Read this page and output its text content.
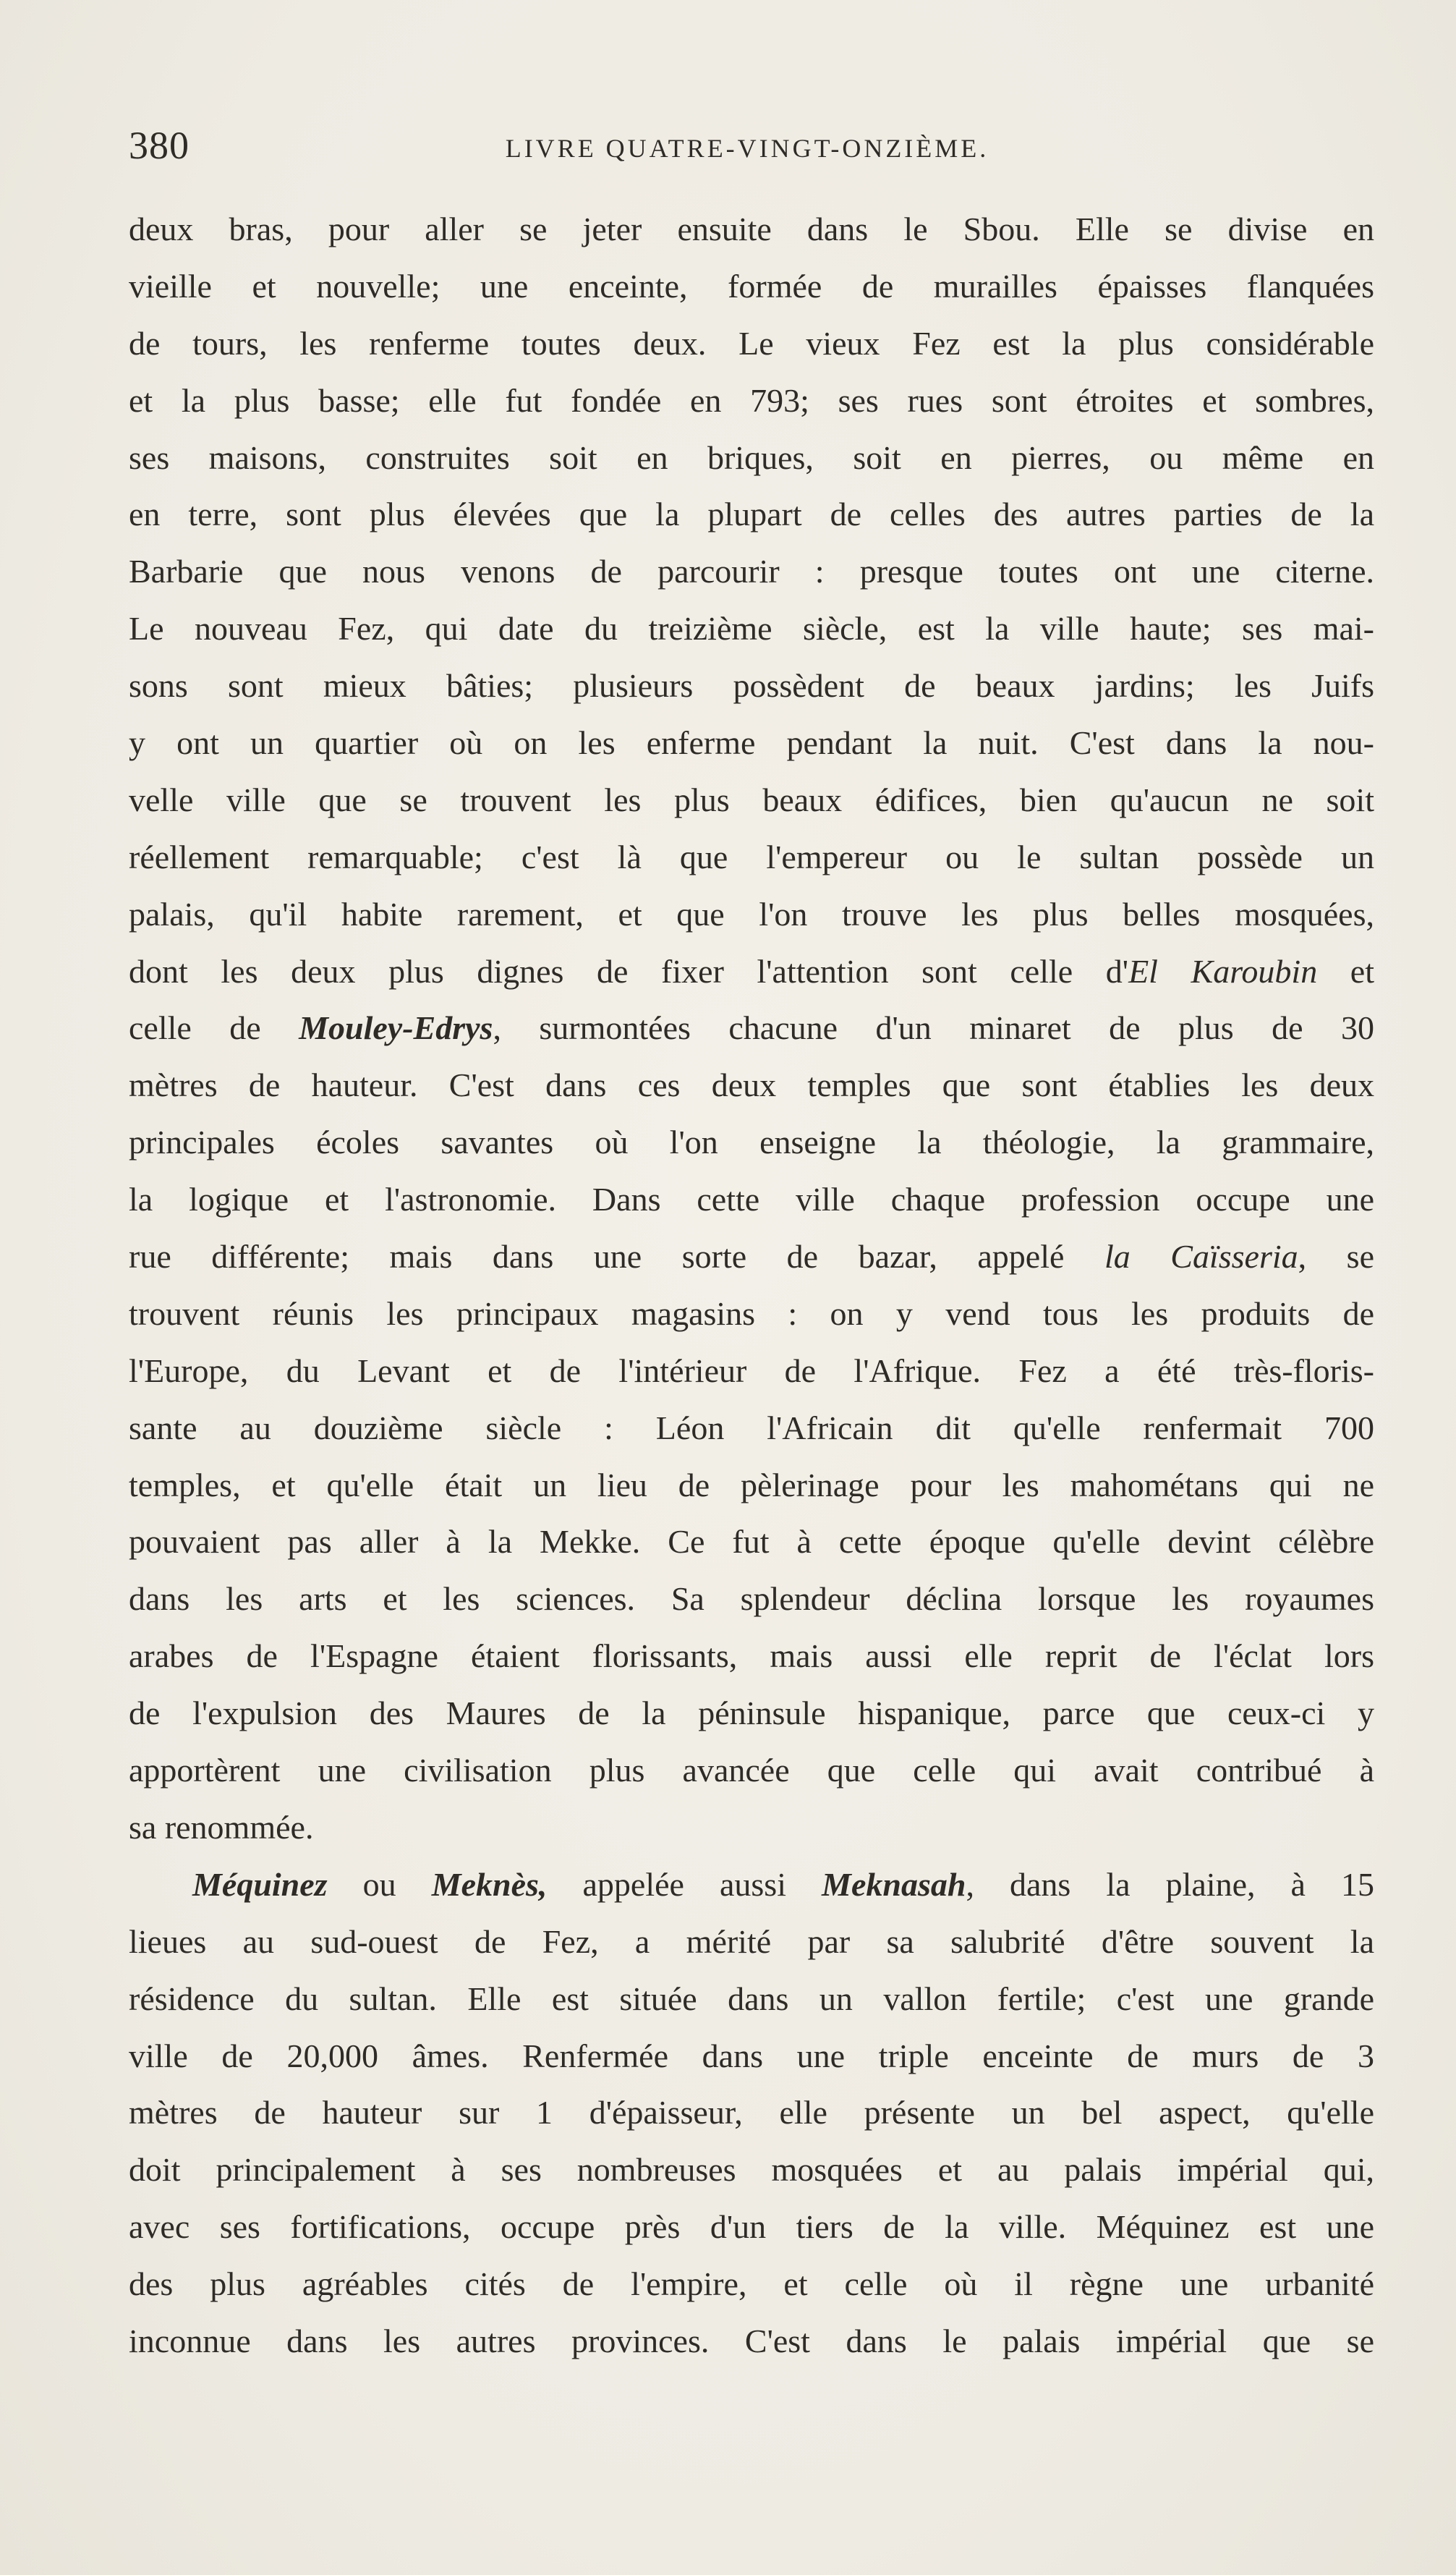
380	LIVRE QUATRE-VINGT-ONZIÈME.

deux bras, pour aller se jeter ensuite dans le Sbou. Elle se divise en
vieille et nouvelle; une enceinte, formée de murailles épaisses flanquées
de tours, les renferme toutes deux. Le vieux Fez est la plus considérable
et la plus basse; elle fut fondée en 793; ses rues sont étroites et sombres,
ses maisons, construites soit en briques, soit en pierres, ou même en
en terre, sont plus élevées que la plupart de celles des autres parties de la
Barbarie que nous venons de parcourir : presque toutes ont une citerne.
Le nouveau Fez, qui date du treizième siècle, est la ville haute; ses mai-
sons sont mieux bâties; plusieurs possèdent de beaux jardins; les Juifs
y ont un quartier où on les enferme pendant la nuit. C'est dans la nou-
velle ville que se trouvent les plus beaux édifices, bien qu'aucun ne soit
réellement remarquable; c'est là que l'empereur ou le sultan possède un
palais, qu'il habite rarement, et que l'on trouve les plus belles mosquées,
dont les deux plus dignes de fixer l'attention sont celle d'El Karoubin et
celle de Mouley-Edrys, surmontées chacune d'un minaret de plus de 30
mètres de hauteur. C'est dans ces deux temples que sont établies les deux
principales écoles savantes où l'on enseigne la théologie, la grammaire,
la logique et l'astronomie. Dans cette ville chaque profession occupe une
rue différente; mais dans une sorte de bazar, appelé la Caïsseria, se
trouvent réunis les principaux magasins : on y vend tous les produits de
l'Europe, du Levant et de l'intérieur de l'Afrique. Fez a été très-floris-
sante au douzième siècle : Léon l'Africain dit qu'elle renfermait 700
temples, et qu'elle était un lieu de pèlerinage pour les mahométans qui ne
pouvaient pas aller à la Mekke. Ce fut à cette époque qu'elle devint célèbre
dans les arts et les sciences. Sa splendeur déclina lorsque les royaumes
arabes de l'Espagne étaient florissants, mais aussi elle reprit de l'éclat lors
de l'expulsion des Maures de la péninsule hispanique, parce que ceux-ci y
apportèrent une civilisation plus avancée que celle qui avait contribué à
sa renommée.

Méquinez ou Meknès, appelée aussi Meknasah, dans la plaine, à 15
lieues au sud-ouest de Fez, a mérité par sa salubrité d'être souvent la
résidence du sultan. Elle est située dans un vallon fertile; c'est une grande
ville de 20,000 âmes. Renfermée dans une triple enceinte de murs de 3
mètres de hauteur sur 1 d'épaisseur, elle présente un bel aspect, qu'elle
doit principalement à ses nombreuses mosquées et au palais impérial qui,
avec ses fortifications, occupe près d'un tiers de la ville. Méquinez est une
des plus agréables cités de l'empire, et celle où il règne une urbanité
inconnue dans les autres provinces. C'est dans le palais impérial que se
